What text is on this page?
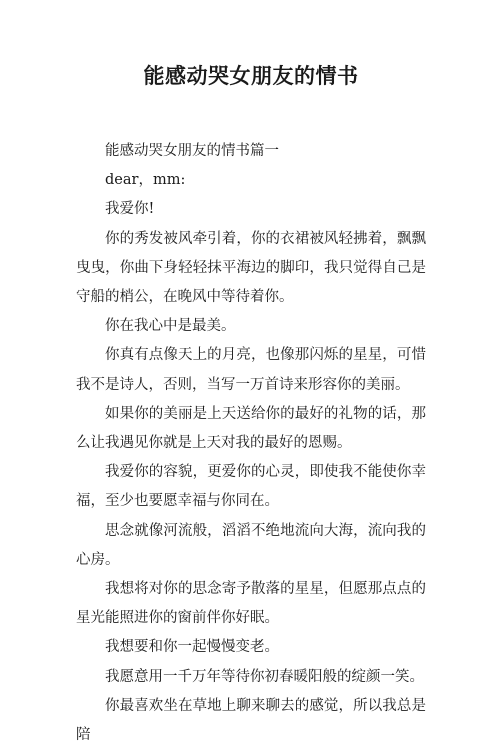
能感动哭女朋友的情书

能感动哭女朋友的情书篇一

dear，mm:

我爱你!

你的秀发被风牵引着，你的衣裙被风轻拂着，飘飘曳曳，你曲下身轻轻抹平海边的脚印，我只觉得自己是守船的梢公，在晚风中等待着你。

你在我心中是最美。

你真有点像天上的月亮，也像那闪烁的星星，可惜我不是诗人，否则，当写一万首诗来形容你的美丽。

如果你的美丽是上天送给你的最好的礼物的话，那么让我遇见你就是上天对我的最好的恩赐。

我爱你的容貌，更爱你的心灵，即使我不能使你幸福，至少也要愿幸福与你同在。

思念就像河流般，滔滔不绝地流向大海，流向我的心房。

我想将对你的思念寄予散落的星星，但愿那点点的星光能照进你的窗前伴你好眠。

我想要和你一起慢慢变老。

我愿意用一千万年等待你初春暖阳般的绽颜一笑。

你最喜欢坐在草地上聊来聊去的感觉，所以我总是陪
